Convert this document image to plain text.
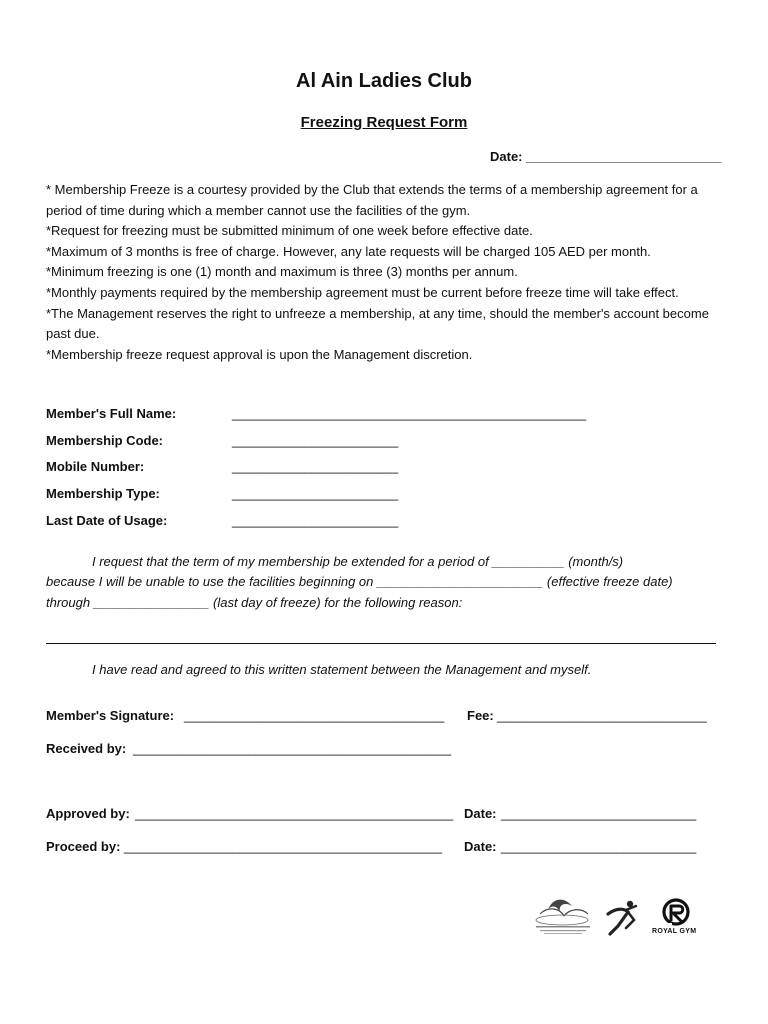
Al Ain Ladies Club
Freezing Request Form
Date: ___________________________

* Membership Freeze is a courtesy provided by the Club that extends the terms of a membership agreement for a period of time during which a member cannot use the facilities of the gym.

*Request for freezing must be submitted minimum of one week before effective date.

*Maximum of 3 months is free of charge. However, any late requests will be charged 105 AED per month.

*Minimum freezing is one (1) month and maximum is three (3) months per annum.

*Monthly payments required by the membership agreement must be current before freeze time will take effect.

*The Management reserves the right to unfreeze a membership, at any time, should the member's account become past due.

*Membership freeze request approval is upon the Management discretion.

Member's Full Name:	_________________________________________________
Membership Code:	_______________________
Mobile Number:	_______________________
Membership Type:	_______________________
Last Date of Usage:	_______________________
I request that the term of my membership be extended for a period of __________ (month/s)
because I will be unable to use the facilities beginning on _______________________ (effective freeze date)
through ________________ (last day of freeze) for the following reason:
I have read and agreed to this written statement between the Management and myself.
Member's Signature: ____________________________________ Fee: _____________________________
Received by: ____________________________________________
Approved by: ____________________________________________ Date: ___________________________
Proceed by: ____________________________________________ Date: ___________________________
ROYAL GYM
